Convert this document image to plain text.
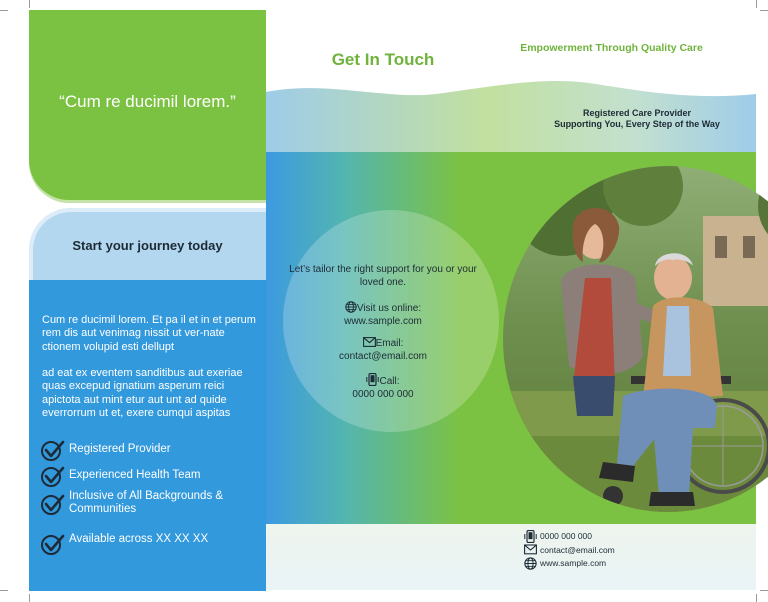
“Cum re ducimil lorem.”
Start your journey today
Cum re ducimil lorem. Et pa il et in et perum rem dis aut venimag nissit ut ver-nate ctionem volupid esti dellupt
ad eat ex eventem sanditibus aut exeriae quas excepud ignatium asperum reici apictota aut mint etur aut unt ad quide everrorrum ut et, exere cumqui aspitas
Registered Provider
Experienced Health Team
Inclusive of All Backgrounds & Communities
Available across XX XX XX
Get In Touch
Let’s tailor the right support for you or your loved one.
Visit us online:
www.sample.com
Email:
contact@email.com
Call:
0000 000 000
Empowerment Through Quality Care
Registered Care Provider
Supporting You, Every Step of the Way
0000 000 000
contact@email.com
www.sample.com
